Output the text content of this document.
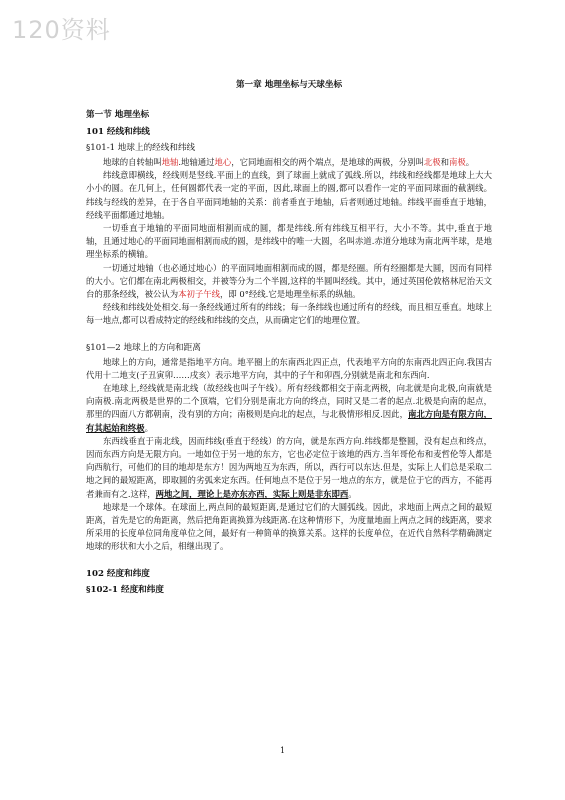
120资料
第一章 地理坐标与天球坐标
第一节 地理坐标
101 经线和纬线
§101-1 地球上的经线和纬线

地球的自转轴叫地轴.地轴通过地心，它同地面相交的两个端点，是地球的两极，分别叫北极和南极。

纬线意即横线，经线则是竖线.平面上的直线，到了球面上就成了弧线.所以，纬线和经线都是地球上大大小小的圆。在几何上，任何圆都代表一定的平面，因此,球面上的圆,都可以看作一定的平面同球面的截割线。纬线与经线的差异，在于各自平面同地轴的关系：前者垂直于地轴，后者则通过地轴。纬线平面垂直于地轴，经线平面都通过地轴。

一切垂直于地轴的平面同地面相割而成的圆，都是纬线.所有纬线互相平行，大小不等。其中,垂直于地轴，且通过地心的平面同地面相割而成的圆，是纬线中的唯一大圆，名叫赤道.赤道分地球为南北两半球，是地理坐标系的横轴。

一切通过地轴（也必通过地心）的平面同地面相割而成的圆，都是经圈。所有经圈都是大圆，因而有同样的大小。它们都在南北两极相交，并被等分为二个半圆,这样的半圆叫经线。其中，通过英国伦敦格林尼治天文台的那条经线，被公认为本初子午线，即 0°经线.它是地理坐标系的纵轴。

经线和纬线处处相交.每一条经线通过所有的纬线；每一条纬线也通过所有的经线，而且相互垂直。地球上每一地点,都可以看成特定的经线和纬线的交点，从而确定它们的地理位置。

§101—2 地球上的方向和距离

地球上的方向，通常是指地平方向。地平圈上的东南西北四正点，代表地平方向的东南西北四正向.我国古代用十二地支(子丑寅卯……戌亥）表示地平方向，其中的子午和卯酉,分别就是南北和东西向.

在地球上,经线就是南北线（故经线也叫子午线）。所有经线都相交于南北两极，向北就是向北极,向南就是向南极.南北两极是世界的二个顶端，它们分别是南北方向的终点，同时又是二者的起点.北极是向南的起点，那里的四面八方都朝南，没有别的方向；南极则是向北的起点，与北极情形相反.因此，南北方向是有限方向，有其起始和终极。

东西线垂直于南北线，因而纬线(垂直于经线）的方向，就是东西方向.纬线都是整圆，没有起点和终点，因而东西方向是无限方向。一地如位于另一地的东方，它也必定位于该地的西方.当年哥伦布和麦哲伦等人都是向西航行，可他们的目的地却是东方！因为两地互为东西，所以，西行可以东达.但是，实际上人们总是采取二地之间的最短距离，即取圆的劣弧来定东西。任何地点不是位于另一地点的东方，就是位于它的西方，不能再者兼而有之.这样，两地之间，理论上是亦东亦西，实际上则是非东即西。

地球是一个球体。在球面上,两点间的最短距离,是通过它们的大圆弧线。因此，求地面上两点之间的最短距离，首先是它的角距离，然后把角距离换算为线距离.在这种情形下，为度量地面上两点之间的线距离，要求所采用的长度单位同角度单位之间，最好有一种简单的换算关系。这样的长度单位，在近代自然科学精确测定地球的形状和大小之后，相继出现了。

102 经度和纬度
§102-1 经度和纬度
1
